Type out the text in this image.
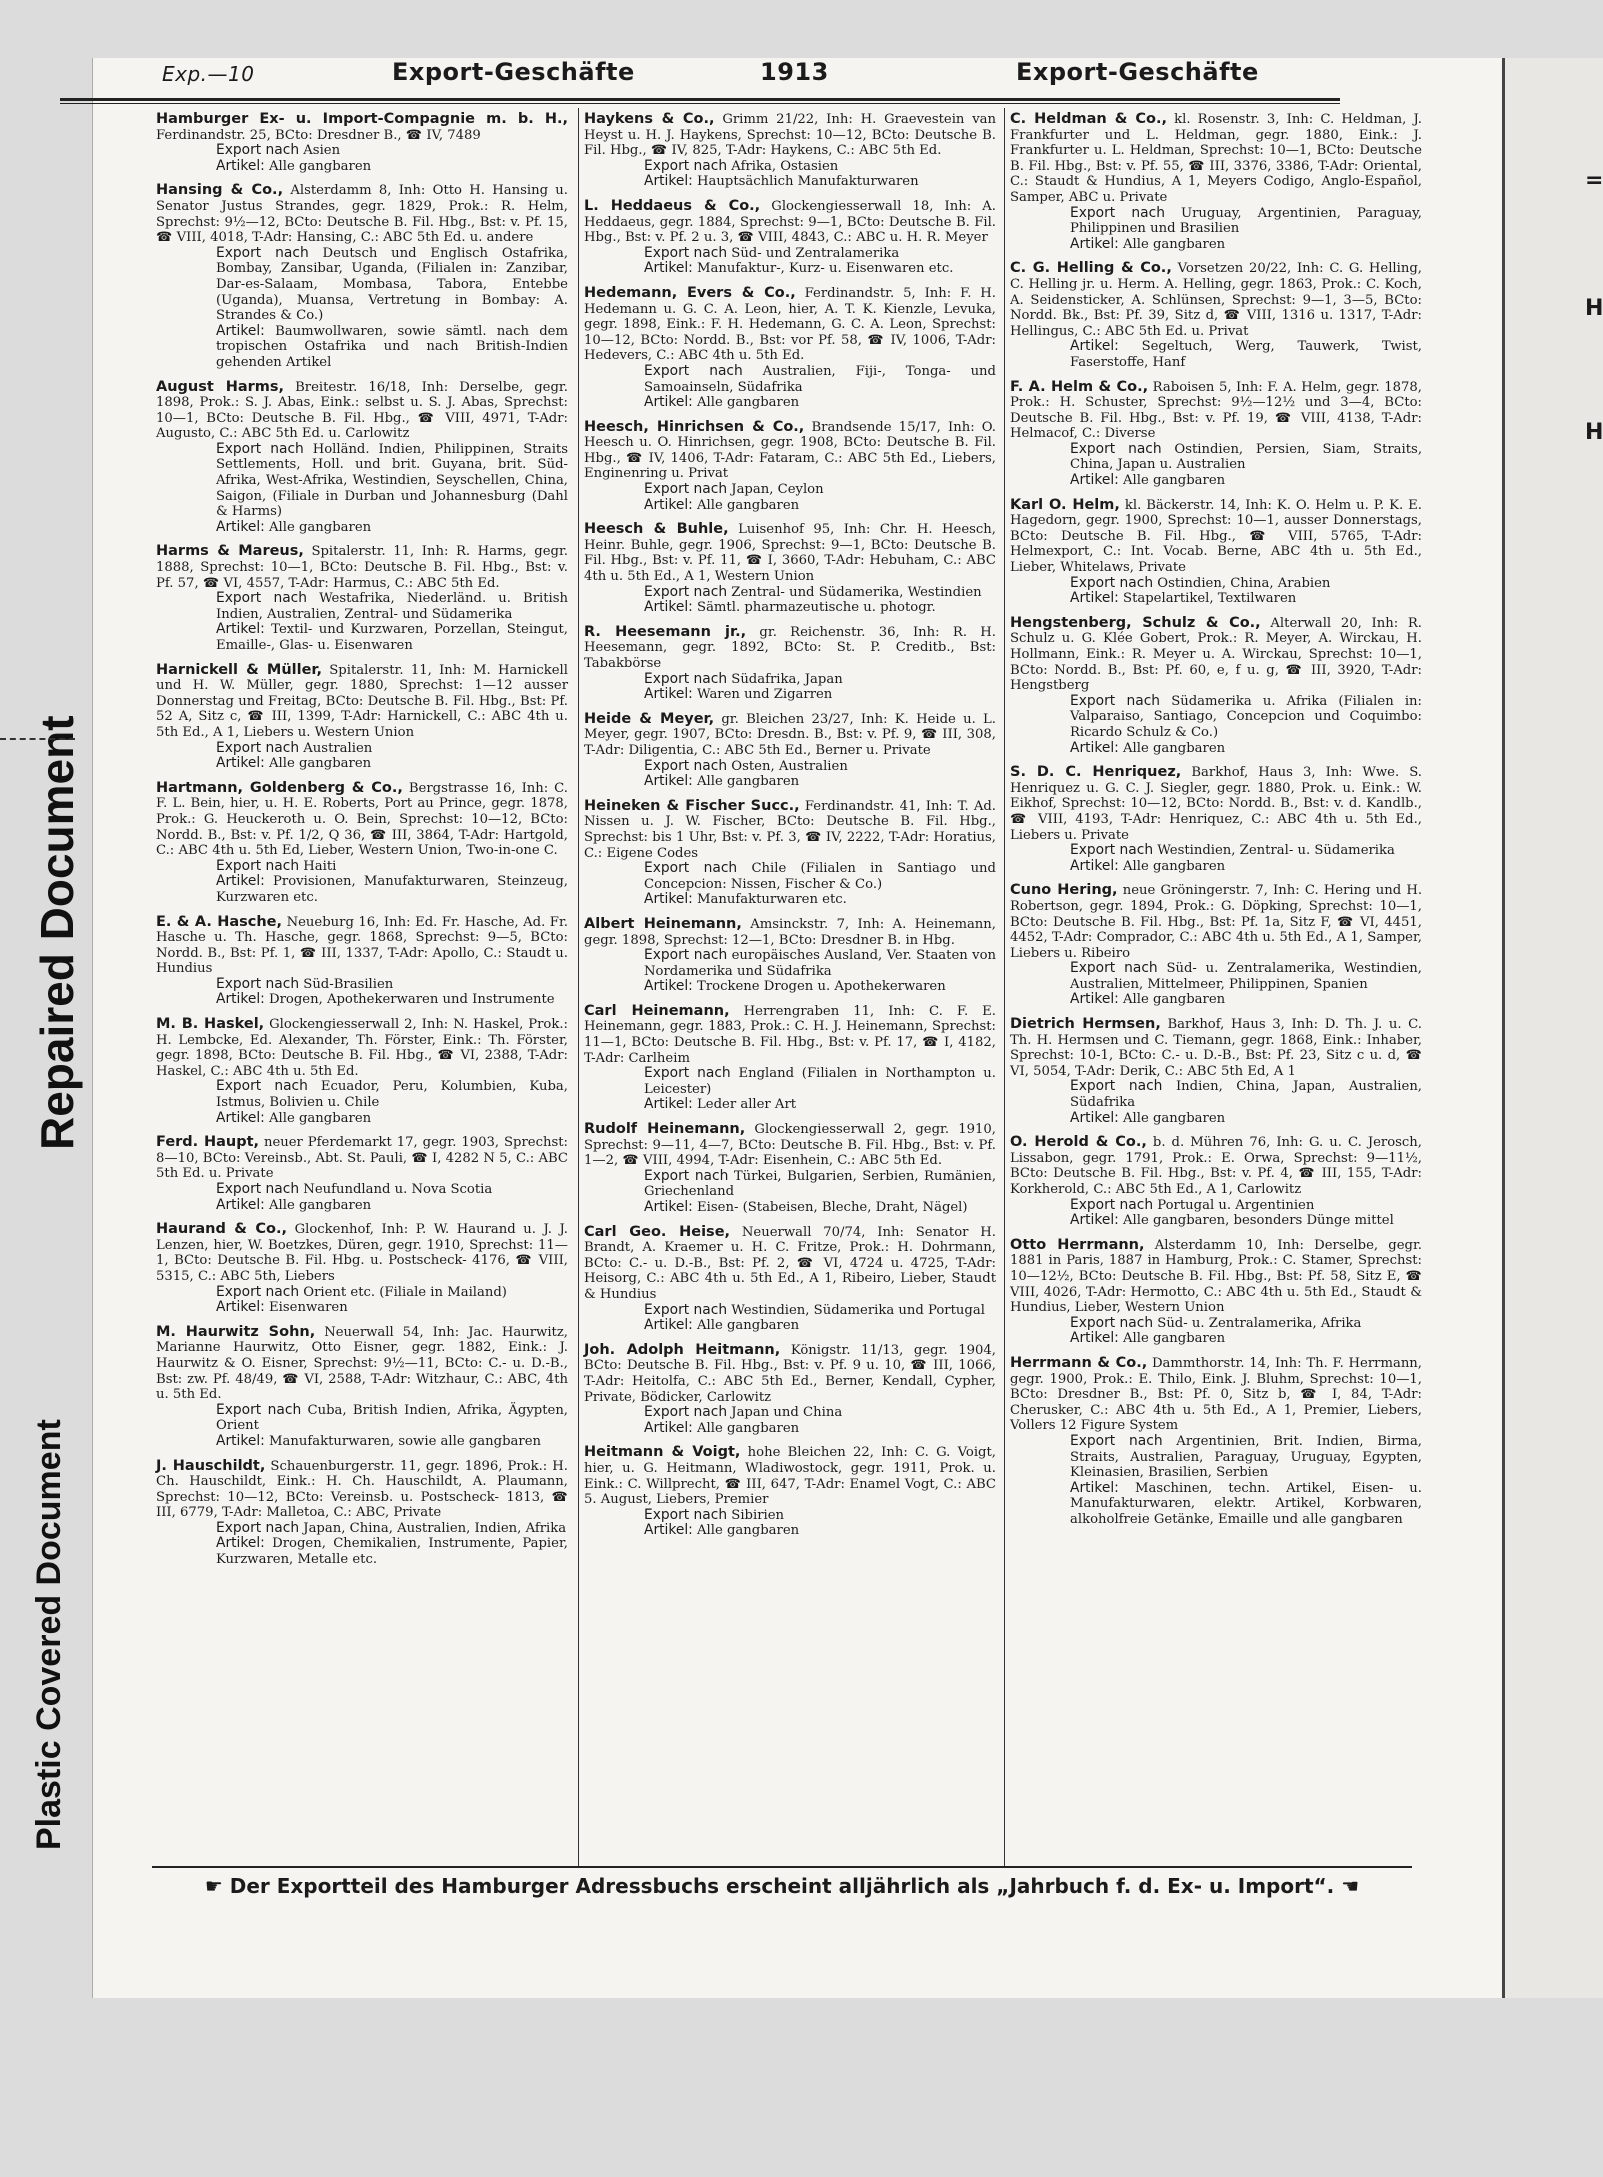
=
H
H
Plastic Covered Document
Repaired Document
Exp.—10	Export-Geschäfte	1913	Export-Geschäfte
Hamburger Ex- u. Import-Compagnie m. b. H., Ferdinandstr. 25, BCto: Dresdner B., ☎ IV, 7489
Export nach Asien
Artikel: Alle gangbaren
Hansing & Co., Alsterdamm 8, Inh: Otto H. Hansing u. Senator Justus Strandes, gegr. 1829, Prok.: R. Helm, Sprechst: 9½—12, BCto: Deutsche B. Fil. Hbg., Bst: v. Pf. 15, ☎ VIII, 4018, T-Adr: Hansing, C.: ABC 5th Ed. u. andere
Export nach Deutsch und Englisch Ostafrika, Bombay, Zansibar, Uganda, (Filialen in: Zanzibar, Dar-es-Salaam, Mombasa, Tabora, Entebbe (Uganda), Muansa, Vertretung in Bombay: A. Strandes & Co.)
Artikel: Baumwollwaren, sowie sämtl. nach dem tropischen Ostafrika und nach British-Indien gehenden Artikel
August Harms, Breitestr. 16/18, Inh: Derselbe, gegr. 1898, Prok.: S. J. Abas, Eink.: selbst u. S. J. Abas, Sprechst: 10—1, BCto: Deutsche B. Fil. Hbg., ☎ VIII, 4971, T-Adr: Augusto, C.: ABC 5th Ed. u. Carlowitz
Export nach Holländ. Indien, Philippinen, Straits Settlements, Holl. und brit. Guyana, brit. Süd-Afrika, West-Afrika, Westindien, Seyschellen, China, Saigon, (Filiale in Durban und Johannesburg (Dahl & Harms)
Artikel: Alle gangbaren
Harms & Mareus, Spitalerstr. 11, Inh: R. Harms, gegr. 1888, Sprechst: 10—1, BCto: Deutsche B. Fil. Hbg., Bst: v. Pf. 57, ☎ VI, 4557, T-Adr: Harmus, C.: ABC 5th Ed.
Export nach Westafrika, Niederländ. u. British Indien, Australien, Zentral- und Südamerika
Artikel: Textil- und Kurzwaren, Porzellan, Steingut, Emaille-, Glas- u. Eisenwaren
Harnickell & Müller, Spitalerstr. 11, Inh: M. Harnickell und H. W. Müller, gegr. 1880, Sprechst: 1—12 ausser Donnerstag und Freitag, BCto: Deutsche B. Fil. Hbg., Bst: Pf. 52 A, Sitz c, ☎ III, 1399, T-Adr: Harnickell, C.: ABC 4th u. 5th Ed., A 1, Liebers u. Western Union
Export nach Australien
Artikel: Alle gangbaren
Hartmann, Goldenberg & Co., Bergstrasse 16, Inh: C. F. L. Bein, hier, u. H. E. Roberts, Port au Prince, gegr. 1878, Prok.: G. Heuckeroth u. O. Bein, Sprechst: 10—12, BCto: Nordd. B., Bst: v. Pf. 1/2, Q 36, ☎ III, 3864, T-Adr: Hartgold, C.: ABC 4th u. 5th Ed, Lieber, Western Union, Two-in-one C.
Export nach Haiti
Artikel: Provisionen, Manufakturwaren, Steinzeug, Kurzwaren etc.
E. & A. Hasche, Neueburg 16, Inh: Ed. Fr. Hasche, Ad. Fr. Hasche u. Th. Hasche, gegr. 1868, Sprechst: 9—5, BCto: Nordd. B., Bst: Pf. 1, ☎ III, 1337, T-Adr: Apollo, C.: Staudt u. Hundius
Export nach Süd-Brasilien
Artikel: Drogen, Apothekerwaren und Instrumente
M. B. Haskel, Glockengiesserwall 2, Inh: N. Haskel, Prok.: H. Lembcke, Ed. Alexander, Th. Förster, Eink.: Th. Förster, gegr. 1898, BCto: Deutsche B. Fil. Hbg., ☎ VI, 2388, T-Adr: Haskel, C.: ABC 4th u. 5th Ed.
Export nach Ecuador, Peru, Kolumbien, Kuba, Istmus, Bolivien u. Chile
Artikel: Alle gangbaren
Ferd. Haupt, neuer Pferdemarkt 17, gegr. 1903, Sprechst: 8—10, BCto: Vereinsb., Abt. St. Pauli, ☎ I, 4282 N 5, C.: ABC 5th Ed. u. Private
Export nach Neufundland u. Nova Scotia
Artikel: Alle gangbaren
Haurand & Co., Glockenhof, Inh: P. W. Haurand u. J. J. Lenzen, hier, W. Boetzkes, Düren, gegr. 1910, Sprechst: 11—1, BCto: Deutsche B. Fil. Hbg. u. Postscheck- 4176, ☎ VIII, 5315, C.: ABC 5th, Liebers
Export nach Orient etc. (Filiale in Mailand)
Artikel: Eisenwaren
M. Haurwitz Sohn, Neuerwall 54, Inh: Jac. Haurwitz, Marianne Haurwitz, Otto Eisner, gegr. 1882, Eink.: J. Haurwitz & O. Eisner, Sprechst: 9½—11, BCto: C.- u. D.-B., Bst: zw. Pf. 48/49, ☎ VI, 2588, T-Adr: Witzhaur, C.: ABC, 4th u. 5th Ed.
Export nach Cuba, British Indien, Afrika, Ägypten, Orient
Artikel: Manufakturwaren, sowie alle gangbaren
J. Hauschildt, Schauenburgerstr. 11, gegr. 1896, Prok.: H. Ch. Hauschildt, Eink.: H. Ch. Hauschildt, A. Plaumann, Sprechst: 10—12, BCto: Vereinsb. u. Postscheck- 1813, ☎ III, 6779, T-Adr: Malletoa, C.: ABC, Private
Export nach Japan, China, Australien, Indien, Afrika
Artikel: Drogen, Chemikalien, Instrumente, Papier, Kurzwaren, Metalle etc.
Haykens & Co., Grimm 21/22, Inh: H. Graevestein van Heyst u. H. J. Haykens, Sprechst: 10—12, BCto: Deutsche B. Fil. Hbg., ☎ IV, 825, T-Adr: Haykens, C.: ABC 5th Ed.
Export nach Afrika, Ostasien
Artikel: Hauptsächlich Manufakturwaren
L. Heddaeus & Co., Glockengiesserwall 18, Inh: A. Heddaeus, gegr. 1884, Sprechst: 9—1, BCto: Deutsche B. Fil. Hbg., Bst: v. Pf. 2 u. 3, ☎ VIII, 4843, C.: ABC u. H. R. Meyer
Export nach Süd- und Zentralamerika
Artikel: Manufaktur-, Kurz- u. Eisenwaren etc.
Hedemann, Evers & Co., Ferdinandstr. 5, Inh: F. H. Hedemann u. G. C. A. Leon, hier, A. T. K. Kienzle, Levuka, gegr. 1898, Eink.: F. H. Hedemann, G. C. A. Leon, Sprechst: 10—12, BCto: Nordd. B., Bst: vor Pf. 58, ☎ IV, 1006, T-Adr: Hedevers, C.: ABC 4th u. 5th Ed.
Export nach Australien, Fiji-, Tonga- und Samoainseln, Südafrika
Artikel: Alle gangbaren
Heesch, Hinrichsen & Co., Brandsende 15/17, Inh: O. Heesch u. O. Hinrichsen, gegr. 1908, BCto: Deutsche B. Fil. Hbg., ☎ IV, 1406, T-Adr: Fataram, C.: ABC 5th Ed., Liebers, Enginenring u. Privat
Export nach Japan, Ceylon
Artikel: Alle gangbaren
Heesch & Buhle, Luisenhof 95, Inh: Chr. H. Heesch, Heinr. Buhle, gegr. 1906, Sprechst: 9—1, BCto: Deutsche B. Fil. Hbg., Bst: v. Pf. 11, ☎ I, 3660, T-Adr: Hebuham, C.: ABC 4th u. 5th Ed., A 1, Western Union
Export nach Zentral- und Südamerika, Westindien
Artikel: Sämtl. pharmazeutische u. photogr.
R. Heesemann jr., gr. Reichenstr. 36, Inh: R. H. Heesemann, gegr. 1892, BCto: St. P. Creditb., Bst: Tabakbörse
Export nach Südafrika, Japan
Artikel: Waren und Zigarren
Heide & Meyer, gr. Bleichen 23/27, Inh: K. Heide u. L. Meyer, gegr. 1907, BCto: Dresdn. B., Bst: v. Pf. 9, ☎ III, 308, T-Adr: Diligentia, C.: ABC 5th Ed., Berner u. Private
Export nach Osten, Australien
Artikel: Alle gangbaren
Heineken & Fischer Succ., Ferdinandstr. 41, Inh: T. Ad. Nissen u. J. W. Fischer, BCto: Deutsche B. Fil. Hbg., Sprechst: bis 1 Uhr, Bst: v. Pf. 3, ☎ IV, 2222, T-Adr: Horatius, C.: Eigene Codes
Export nach Chile (Filialen in Santiago und Concepcion: Nissen, Fischer & Co.)
Artikel: Manufakturwaren etc.
Albert Heinemann, Amsinckstr. 7, Inh: A. Heinemann, gegr. 1898, Sprechst: 12—1, BCto: Dresdner B. in Hbg.
Export nach europäisches Ausland, Ver. Staaten von Nordamerika und Südafrika
Artikel: Trockene Drogen u. Apothekerwaren
Carl Heinemann, Herrengraben 11, Inh: C. F. E. Heinemann, gegr. 1883, Prok.: C. H. J. Heinemann, Sprechst: 11—1, BCto: Deutsche B. Fil. Hbg., Bst: v. Pf. 17, ☎ I, 4182, T-Adr: Carlheim
Export nach England (Filialen in Northampton u. Leicester)
Artikel: Leder aller Art
Rudolf Heinemann, Glockengiesserwall 2, gegr. 1910, Sprechst: 9—11, 4—7, BCto: Deutsche B. Fil. Hbg., Bst: v. Pf. 1—2, ☎ VIII, 4994, T-Adr: Eisenhein, C.: ABC 5th Ed.
Export nach Türkei, Bulgarien, Serbien, Rumänien, Griechenland
Artikel: Eisen- (Stabeisen, Bleche, Draht, Nägel)
Carl Geo. Heise, Neuerwall 70/74, Inh: Senator H. Brandt, A. Kraemer u. H. C. Fritze, Prok.: H. Dohrmann, BCto: C.- u. D.-B., Bst: Pf. 2, ☎ VI, 4724 u. 4725, T-Adr: Heisorg, C.: ABC 4th u. 5th Ed., A 1, Ribeiro, Lieber, Staudt & Hundius
Export nach Westindien, Südamerika und Portugal
Artikel: Alle gangbaren
Joh. Adolph Heitmann, Königstr. 11/13, gegr. 1904, BCto: Deutsche B. Fil. Hbg., Bst: v. Pf. 9 u. 10, ☎ III, 1066, T-Adr: Heitolfa, C.: ABC 5th Ed., Berner, Kendall, Cypher, Private, Bödicker, Carlowitz
Export nach Japan und China
Artikel: Alle gangbaren
Heitmann & Voigt, hohe Bleichen 22, Inh: C. G. Voigt, hier, u. G. Heitmann, Wladiwostock, gegr. 1911, Prok. u. Eink.: C. Willprecht, ☎ III, 647, T-Adr: Enamel Vogt, C.: ABC 5. August, Liebers, Premier
Export nach Sibirien
Artikel: Alle gangbaren
C. Heldman & Co., kl. Rosenstr. 3, Inh: C. Heldman, J. Frankfurter und L. Heldman, gegr. 1880, Eink.: J. Frankfurter u. L. Heldman, Sprechst: 10—1, BCto: Deutsche B. Fil. Hbg., Bst: v. Pf. 55, ☎ III, 3376, 3386, T-Adr: Oriental, C.: Staudt & Hundius, A 1, Meyers Codigo, Anglo-Español, Samper, ABC u. Private
Export nach Uruguay, Argentinien, Paraguay, Philippinen und Brasilien
Artikel: Alle gangbaren
C. G. Helling & Co., Vorsetzen 20/22, Inh: C. G. Helling, C. Helling jr. u. Herm. A. Helling, gegr. 1863, Prok.: C. Koch, A. Seidensticker, A. Schlünsen, Sprechst: 9—1, 3—5, BCto: Nordd. Bk., Bst: Pf. 39, Sitz d, ☎ VIII, 1316 u. 1317, T-Adr: Hellingus, C.: ABC 5th Ed. u. Privat
Artikel: Segeltuch, Werg, Tauwerk, Twist, Faserstoffe, Hanf
F. A. Helm & Co., Raboisen 5, Inh: F. A. Helm, gegr. 1878, Prok.: H. Schuster, Sprechst: 9½—12½ und 3—4, BCto: Deutsche B. Fil. Hbg., Bst: v. Pf. 19, ☎ VIII, 4138, T-Adr: Helmacof, C.: Diverse
Export nach Ostindien, Persien, Siam, Straits, China, Japan u. Australien
Artikel: Alle gangbaren
Karl O. Helm, kl. Bäckerstr. 14, Inh: K. O. Helm u. P. K. E. Hagedorn, gegr. 1900, Sprechst: 10—1, ausser Donnerstags, BCto: Deutsche B. Fil. Hbg., ☎ VIII, 5765, T-Adr: Helmexport, C.: Int. Vocab. Berne, ABC 4th u. 5th Ed., Lieber, Whitelaws, Private
Export nach Ostindien, China, Arabien
Artikel: Stapelartikel, Textilwaren
Hengstenberg, Schulz & Co., Alterwall 20, Inh: R. Schulz u. G. Klée Gobert, Prok.: R. Meyer, A. Wirckau, H. Hollmann, Eink.: R. Meyer u. A. Wirckau, Sprechst: 10—1, BCto: Nordd. B., Bst: Pf. 60, e, f u. g, ☎ III, 3920, T-Adr: Hengstberg
Export nach Südamerika u. Afrika (Filialen in: Valparaiso, Santiago, Concepcion und Coquimbo: Ricardo Schulz & Co.)
Artikel: Alle gangbaren
S. D. C. Henriquez, Barkhof, Haus 3, Inh: Wwe. S. Henriquez u. G. C. J. Siegler, gegr. 1880, Prok. u. Eink.: W. Eikhof, Sprechst: 10—12, BCto: Nordd. B., Bst: v. d. Kandlb., ☎ VIII, 4193, T-Adr: Henriquez, C.: ABC 4th u. 5th Ed., Liebers u. Private
Export nach Westindien, Zentral- u. Südamerika
Artikel: Alle gangbaren
Cuno Hering, neue Gröningerstr. 7, Inh: C. Hering und H. Robertson, gegr. 1894, Prok.: G. Döpking, Sprechst: 10—1, BCto: Deutsche B. Fil. Hbg., Bst: Pf. 1a, Sitz F, ☎ VI, 4451, 4452, T-Adr: Comprador, C.: ABC 4th u. 5th Ed., A 1, Samper, Liebers u. Ribeiro
Export nach Süd- u. Zentralamerika, Westindien, Australien, Mittelmeer, Philippinen, Spanien
Artikel: Alle gangbaren
Dietrich Hermsen, Barkhof, Haus 3, Inh: D. Th. J. u. C. Th. H. Hermsen und C. Tiemann, gegr. 1868, Eink.: Inhaber, Sprechst: 10-1, BCto: C.- u. D.-B., Bst: Pf. 23, Sitz c u. d, ☎ VI, 5054, T-Adr: Derik, C.: ABC 5th Ed, A 1
Export nach Indien, China, Japan, Australien, Südafrika
Artikel: Alle gangbaren
O. Herold & Co., b. d. Mühren 76, Inh: G. u. C. Jerosch, Lissabon, gegr. 1791, Prok.: E. Orwa, Sprechst: 9—11½, BCto: Deutsche B. Fil. Hbg., Bst: v. Pf. 4, ☎ III, 155, T-Adr: Korkherold, C.: ABC 5th Ed., A 1, Carlowitz
Export nach Portugal u. Argentinien
Artikel: Alle gangbaren, besonders Dünge mittel
Otto Herrmann, Alsterdamm 10, Inh: Derselbe, gegr. 1881 in Paris, 1887 in Hamburg, Prok.: C. Stamer, Sprechst: 10—12½, BCto: Deutsche B. Fil. Hbg., Bst: Pf. 58, Sitz E, ☎ VIII, 4026, T-Adr: Hermotto, C.: ABC 4th u. 5th Ed., Staudt & Hundius, Lieber, Western Union
Export nach Süd- u. Zentralamerika, Afrika
Artikel: Alle gangbaren
Herrmann & Co., Dammthorstr. 14, Inh: Th. F. Herrmann, gegr. 1900, Prok.: E. Thilo, Eink. J. Bluhm, Sprechst: 10—1, BCto: Dresdner B., Bst: Pf. 0, Sitz b, ☎ I, 84, T-Adr: Cherusker, C.: ABC 4th u. 5th Ed., A 1, Premier, Liebers, Vollers 12 Figure System
Export nach Argentinien, Brit. Indien, Birma, Straits, Australien, Paraguay, Uruguay, Egypten, Kleinasien, Brasilien, Serbien
Artikel: Maschinen, techn. Artikel, Eisen- u. Manufakturwaren, elektr. Artikel, Korbwaren, alkoholfreie Getänke, Emaille und alle gangbaren
☛ Der Exportteil des Hamburger Adressbuchs erscheint alljährlich als „Jahrbuch f. d. Ex- u. Import“. ☚
